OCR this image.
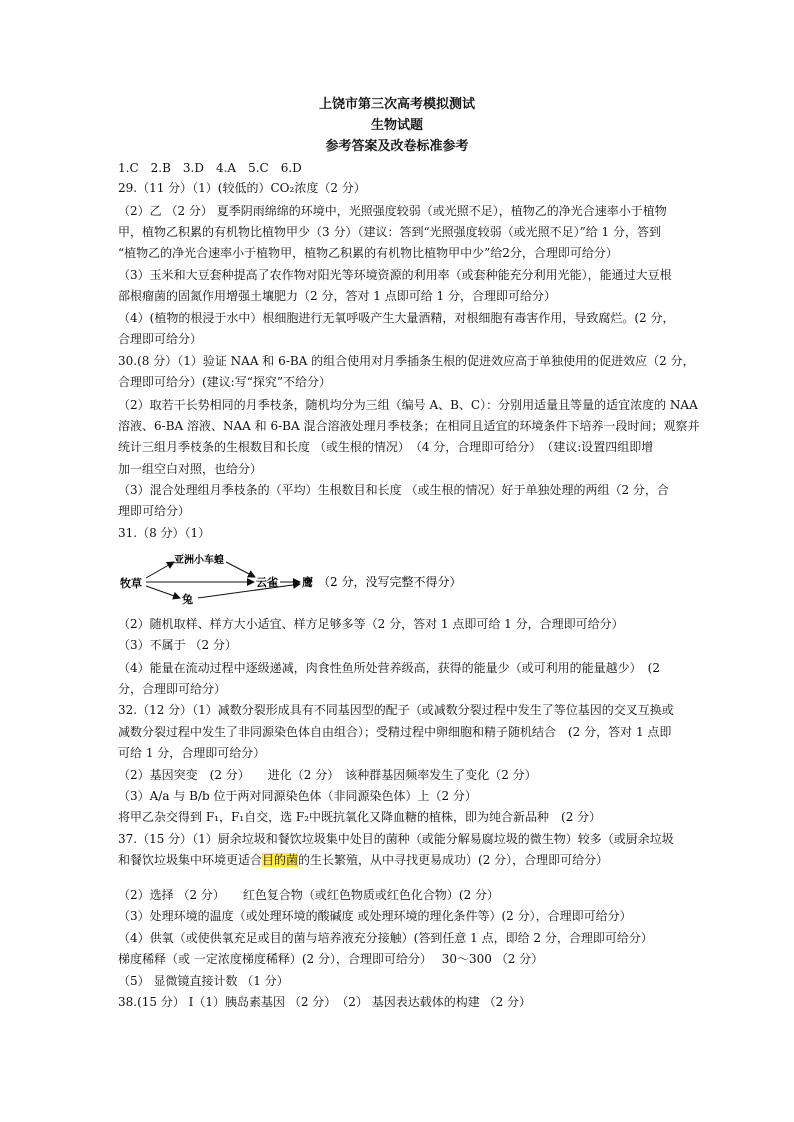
上饶市第三次高考模拟测试
生物试题
参考答案及改卷标准参考
1.C　2.B　3.D　4.A　5.C　6.D
29.（11 分）（1）(较低的）CO₂浓度（2 分）
（2）乙 （2 分） 夏季阴雨绵绵的环境中，光照强度较弱（或光照不足），植物乙的净光合速率小于植物
甲，植物乙积累的有机物比植物甲少（3 分）（建议：答到“光照强度较弱（或光照不足）”给 1 分，答到
“植物乙的净光合速率小于植物甲，植物乙积累的有机物比植物甲中少”给2分，合理即可给分）
（3）玉米和大豆套种提高了农作物对阳光等环境资源的利用率（或套种能充分利用光能），能通过大豆根
部根瘤菌的固氮作用增强土壤肥力（2 分，答对 1 点即可给 1 分，合理即可给分）
（4）(植物的根浸于水中）根细胞进行无氧呼吸产生大量酒精，对根细胞有毒害作用，导致腐烂。(2 分，
合理即可给分）
30.(8 分）（1）验证 NAA 和 6-BA 的组合使用对月季插条生根的促进效应高于单独使用的促进效应（2 分，
合理即可给分）(建议:写“探究”不给分）
（2）取若干长势相同的月季枝条，随机均分为三组（编号 A、B、C）：分别用适量且等量的适宜浓度的 NAA
溶液、6-BA 溶液、NAA 和 6-BA 混合溶液处理月季枝条；在相同且适宜的环境条件下培养一段时间；观察并
统计三组月季枝条的生根数目和长度 （或生根的情况）　（4 分，合理即可给分）　（建议:设置四组即增
加一组空白对照，也给分）
（3）混合处理组月季枝条的（平均）生根数目和长度 （或生根的情况）好于单独处理的两组（2 分，合
理即可给分）
31.（8 分）（1）
牧草
亚洲小车蝗
兔
云雀 鹰 （2 分，没写完整不得分）
（2）随机取样、样方大小适宜、样方足够多等（2 分，答对 1 点即可给 1 分，合理即可给分）
（3）不属于 （2 分）
（4）能量在流动过程中逐级递减，肉食性鱼所处营养级高，获得的能量少（或可利用的能量越少）　(2
分，合理即可给分）
32.（12 分）（1）减数分裂形成具有不同基因型的配子（或减数分裂过程中发生了等位基因的交叉互换或
减数分裂过程中发生了非同源染色体自由组合）；受精过程中卵细胞和精子随机结合　(2 分，答对 1 点即
可给 1 分，合理即可给分）
（2）基因突变　(2 分）　　进化（2 分）　该种群基因频率发生了变化（2 分）
（3）A/a 与 B/b 位于两对同源染色体（非同源染色体）上（2 分）
将甲乙杂交得到 F₁，F₁自交，选 F₂中既抗氧化又降血糖的植株，即为纯合新品种　(2 分）
37.（15 分）（1）厨余垃圾和餐饮垃圾集中处目的菌种（或能分解易腐垃圾的微生物）较多（或厨余垃圾
和餐饮垃圾集中环境更适合目的菌的生长繁殖，从中寻找更易成功）(2 分），合理即可给分）
（2）选择 （2 分）　　红色复合物（或红色物质或红色化合物）(2 分）
（3）处理环境的温度（或处理环境的酸碱度 或处理环境的理化条件等）(2 分），合理即可给分）
（4）供氧（或使供氧充足或目的菌与培养液充分接触）(答到任意 1 点，即给 2 分，合理即可给分）
梯度稀释（或 一定浓度梯度稀释）(2 分），合理即可给分）　 30～300 （2 分）
（5） 显微镜直接计数 （1 分）
38.(15 分） Ⅰ（1）胰岛素基因 （2 分）　（2） 基因表达载体的构建 （2 分）
